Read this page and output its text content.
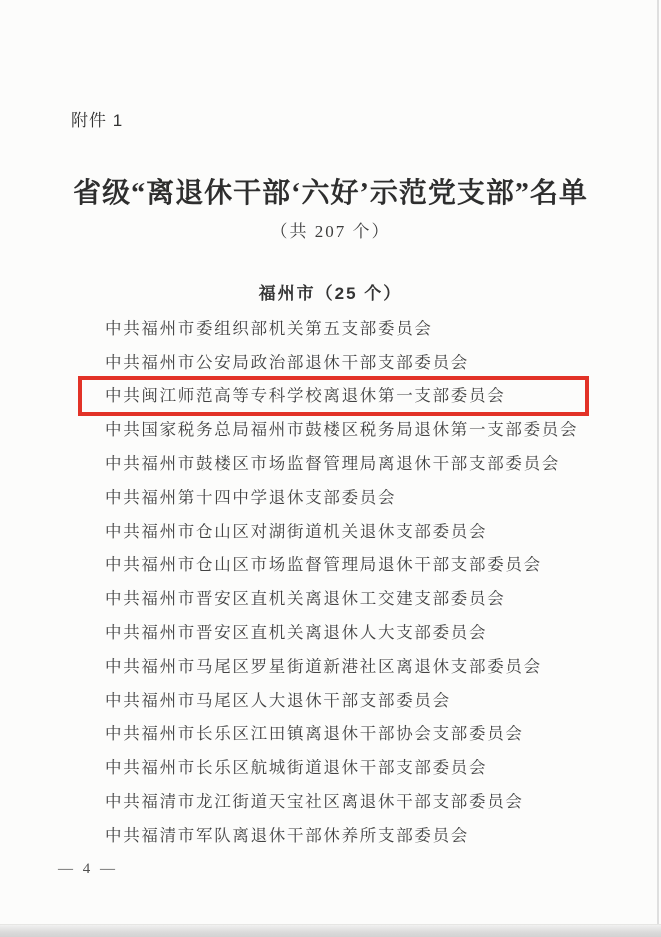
附件 1
省级“离退休干部‘六好’示范党支部”名单
（共 207 个）
福州市（25 个）
中共福州市委组织部机关第五支部委员会
中共福州市公安局政治部退休干部支部委员会
中共闽江师范高等专科学校离退休第一支部委员会
中共国家税务总局福州市鼓楼区税务局退休第一支部委员会
中共福州市鼓楼区市场监督管理局离退休干部支部委员会
中共福州第十四中学退休支部委员会
中共福州市仓山区对湖街道机关退休支部委员会
中共福州市仓山区市场监督管理局退休干部支部委员会
中共福州市晋安区直机关离退休工交建支部委员会
中共福州市晋安区直机关离退休人大支部委员会
中共福州市马尾区罗星街道新港社区离退休支部委员会
中共福州市马尾区人大退休干部支部委员会
中共福州市长乐区江田镇离退休干部协会支部委员会
中共福州市长乐区航城街道退休干部支部委员会
中共福清市龙江街道天宝社区离退休干部支部委员会
中共福清市军队离退休干部休养所支部委员会
— 4 —
